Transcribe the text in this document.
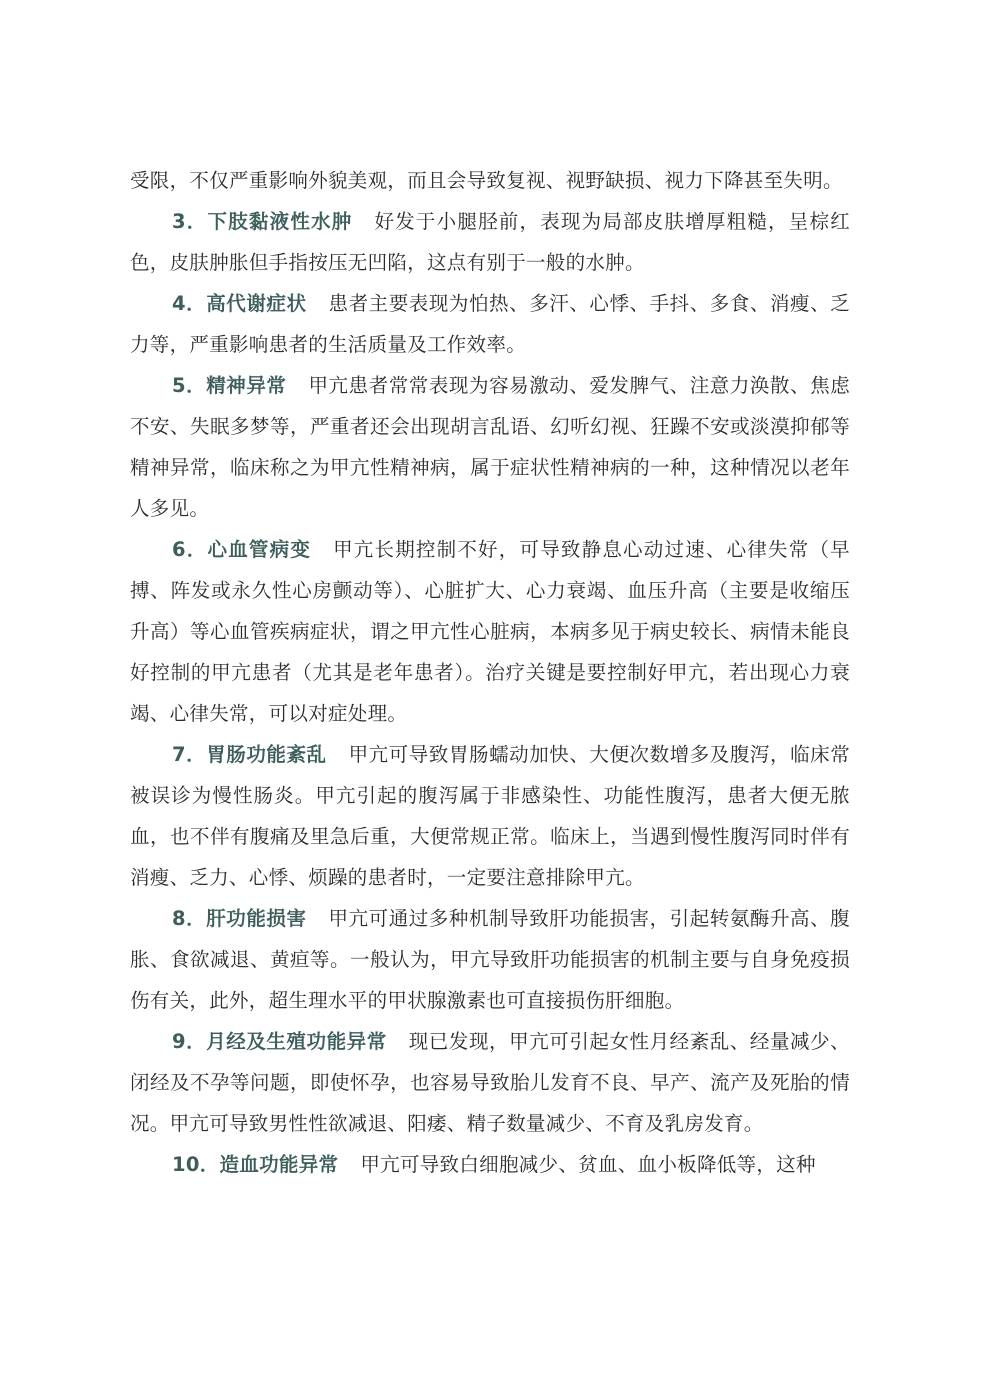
受限，不仅严重影响外貌美观，而且会导致复视、视野缺损、视力下降甚至失明。

3．下肢黏液性水肿 好发于小腿胫前，表现为局部皮肤增厚粗糙，呈棕红色，皮肤肿胀但手指按压无凹陷，这点有别于一般的水肿。

4．高代谢症状 患者主要表现为怕热、多汗、心悸、手抖、多食、消瘦、乏力等，严重影响患者的生活质量及工作效率。

5．精神异常 甲亢患者常常表现为容易激动、爱发脾气、注意力涣散、焦虑不安、失眠多梦等，严重者还会出现胡言乱语、幻听幻视、狂躁不安或淡漠抑郁等精神异常，临床称之为甲亢性精神病，属于症状性精神病的一种，这种情况以老年人多见。

6．心血管病变 甲亢长期控制不好，可导致静息心动过速、心律失常（早搏、阵发或永久性心房颤动等）、心脏扩大、心力衰竭、血压升高（主要是收缩压升高）等心血管疾病症状，谓之甲亢性心脏病，本病多见于病史较长、病情未能良好控制的甲亢患者（尤其是老年患者）。治疗关键是要控制好甲亢，若出现心力衰竭、心律失常，可以对症处理。

7．胃肠功能紊乱 甲亢可导致胃肠蠕动加快、大便次数增多及腹泻，临床常被误诊为慢性肠炎。甲亢引起的腹泻属于非感染性、功能性腹泻，患者大便无脓血，也不伴有腹痛及里急后重，大便常规正常。临床上，当遇到慢性腹泻同时伴有消瘦、乏力、心悸、烦躁的患者时，一定要注意排除甲亢。

8．肝功能损害 甲亢可通过多种机制导致肝功能损害，引起转氨酶升高、腹胀、食欲减退、黄疸等。一般认为，甲亢导致肝功能损害的机制主要与自身免疫损伤有关，此外，超生理水平的甲状腺激素也可直接损伤肝细胞。

9．月经及生殖功能异常 现已发现，甲亢可引起女性月经紊乱、经量减少、闭经及不孕等问题，即使怀孕，也容易导致胎儿发育不良、早产、流产及死胎的情况。甲亢可导致男性性欲减退、阳痿、精子数量减少、不育及乳房发育。

10．造血功能异常 甲亢可导致白细胞减少、贫血、血小板降低等，这种
